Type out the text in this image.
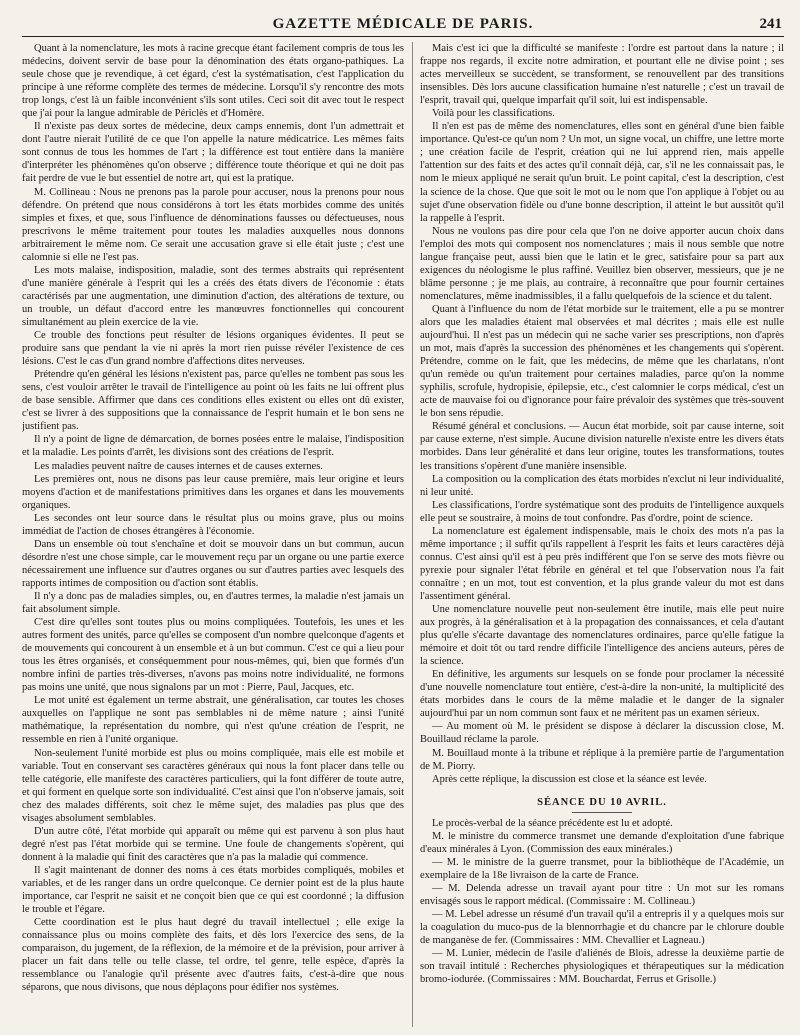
GAZETTE MÉDICALE DE PARIS.	241

Quant à la nomenclature, les mots à racine grecque étant facilement compris de tous les médecins, doivent servir de base pour la dénomination des états organo-pathiques. La seule chose que je revendique, à cet égard, c'est la systématisation, c'est l'application du principe à une réforme complète des termes de médecine. Lorsqu'il s'y rencontre des mots trop longs, c'est là un faible inconvénient s'ils sont utiles. Ceci soit dit avec tout le respect que j'ai pour la langue admirable de Périclès et d'Homère.

Il n'existe pas deux sortes de médecine, deux camps ennemis, dont l'un admettrait et dont l'autre nierait l'utilité de ce que l'on appelle la nature médicatrice. Les mêmes faits sont connus de tous les hommes de l'art ; la différence est tout entière dans la manière d'interpréter les phénomènes qu'on observe ; différence toute théorique et qui ne doit pas fait perdre de vue le but essentiel de notre art, qui est la pratique.

M. Collineau : Nous ne prenons pas la parole pour accuser, nous la prenons pour nous défendre. On prétend que nous considérons à tort les états morbides comme des unités simples et fixes, et que, sous l'influence de dénominations fausses ou défectueuses, nous prescrivons le même traitement pour toutes les maladies auxquelles nous donnons arbitrairement le même nom. Ce serait une accusation grave si elle était juste ; c'est une calomnie si elle ne l'est pas.

Les mots malaise, indisposition, maladie, sont des termes abstraits qui représentent d'une manière générale à l'esprit qui les a créés des états divers de l'économie : états caractérisés par une augmentation, une diminution d'action, des altérations de texture, ou un trouble, un défaut d'accord entre les manœuvres fonctionnelles qui concourent simultanément au plein exercice de la vie.

Ce trouble des fonctions peut résulter de lésions organiques évidentes. Il peut se produire sans que pendant la vie ni après la mort rien puisse révéler l'existence de ces lésions. C'est le cas d'un grand nombre d'affections dites nerveuses.

Prétendre qu'en général les lésions n'existent pas, parce qu'elles ne tombent pas sous les sens, c'est vouloir arrêter le travail de l'intelligence au point où les faits ne lui offrent plus de base sensible. Affirmer que dans ces conditions elles existent ou elles ont dû exister, c'est se livrer à des suppositions que la connaissance de l'esprit humain et le bon sens ne justifient pas.

Il n'y a point de ligne de démarcation, de bornes posées entre le malaise, l'indisposition et la maladie. Les points d'arrêt, les divisions sont des créations de l'esprit.

Les maladies peuvent naître de causes internes et de causes externes.

Les premières ont, nous ne disons pas leur cause première, mais leur origine et leurs moyens d'action et de manifestations primitives dans les organes et dans les mouvements organiques.

Les secondes ont leur source dans le résultat plus ou moins grave, plus ou moins immédiat de l'action de choses étrangères à l'économie.

Dans un ensemble où tout s'enchaîne et doit se mouvoir dans un but commun, aucun désordre n'est une chose simple, car le mouvement reçu par un organe ou une partie exerce nécessairement une influence sur d'autres organes ou sur d'autres parties avec lesquels des rapports intimes de composition ou d'action sont établis.

Il n'y a donc pas de maladies simples, ou, en d'autres termes, la maladie n'est jamais un fait absolument simple.

C'est dire qu'elles sont toutes plus ou moins compliquées. Toutefois, les unes et les autres forment des unités, parce qu'elles se composent d'un nombre quelconque d'agents et de mouvements qui concourent à un ensemble et à un but commun. C'est ce qui a lieu pour tous les êtres organisés, et conséquemment pour nous-mêmes, qui, bien que formés d'un nombre infini de parties très-diverses, n'avons pas moins notre individualité, ne formons pas moins une unité, que nous signalons par un mot : Pierre, Paul, Jacques, etc.

Le mot unité est également un terme abstrait, une généralisation, car toutes les choses auxquelles on l'applique ne sont pas semblables ni de même nature ; ainsi l'unité mathématique, la représentation du nombre, qui n'est qu'une création de l'esprit, ne ressemble en rien à l'unité organique.

Non-seulement l'unité morbide est plus ou moins compliquée, mais elle est mobile et variable. Tout en conservant ses caractères généraux qui nous la font placer dans telle ou telle catégorie, elle manifeste des caractères particuliers, qui la font différer de toute autre, et qui forment en quelque sorte son individualité. C'est ainsi que l'on n'observe jamais, soit chez des malades différents, soit chez le même sujet, des maladies pas plus que des visages absolument semblables.

D'un autre côté, l'état morbide qui apparaît ou même qui est parvenu à son plus haut degré n'est pas l'état morbide qui se termine. Une foule de changements s'opèrent, qui donnent à la maladie qui finit des caractères que n'a pas la maladie qui commence.

Il s'agit maintenant de donner des noms à ces états morbides compliqués, mobiles et variables, et de les ranger dans un ordre quelconque. Ce dernier point est de la plus haute importance, car l'esprit ne saisit et ne conçoit bien que ce qui est coordonné ; la diffusion le trouble et l'égare.

Cette coordination est le plus haut degré du travail intellectuel ; elle exige la connaissance plus ou moins complète des faits, et dès lors l'exercice des sens, de la comparaison, du jugement, de la réflexion, de la mémoire et de la prévision, pour arriver à placer un fait dans telle ou telle classe, tel ordre, tel genre, telle espèce, d'après la ressemblance ou l'analogie qu'il présente avec d'autres faits, c'est-à-dire que nous séparons, que nous divisons, que nous déplaçons pour édifier nos systèmes.

Mais c'est ici que la difficulté se manifeste : l'ordre est partout dans la nature ; il frappe nos regards, il excite notre admiration, et pourtant elle ne divise point ; ses actes merveilleux se succèdent, se transforment, se renouvellent par des transitions insensibles. Dès lors aucune classification humaine n'est naturelle ; c'est un travail de l'esprit, travail qui, quelque imparfait qu'il soit, lui est indispensable.

Voilà pour les classifications.

Il n'en est pas de même des nomenclatures, elles sont en général d'une bien faible importance. Qu'est-ce qu'un nom ? Un mot, un signe vocal, un chiffre, une lettre morte ; une création facile de l'esprit, création qui ne lui apprend rien, mais appelle l'attention sur des faits et des actes qu'il connaît déjà, car, s'il ne les connaissait pas, le nom le mieux appliqué ne serait qu'un bruit. Le point capital, c'est la description, c'est la science de la chose. Que que soit le mot ou le nom que l'on applique à l'objet ou au sujet d'une observation fidèle ou d'une bonne description, il atteint le but aussitôt qu'il la rappelle à l'esprit.

Nous ne voulons pas dire pour cela que l'on ne doive apporter aucun choix dans l'emploi des mots qui composent nos nomenclatures ; mais il nous semble que notre langue française peut, aussi bien que le latin et le grec, satisfaire pour sa part aux exigences du néologisme le plus raffiné. Veuillez bien observer, messieurs, que je ne blâme personne ; je me plais, au contraire, à reconnaître que pour fournir certaines nomenclatures, même inadmissibles, il a fallu quelquefois de la science et du talent.

Quant à l'influence du nom de l'état morbide sur le traitement, elle a pu se montrer alors que les maladies étaient mal observées et mal décrites ; mais elle est nulle aujourd'hui. Il n'est pas un médecin qui ne sache varier ses prescriptions, non d'après un mot, mais d'après la succession des phénomènes et les changements qui s'opèrent. Prétendre, comme on le fait, que les médecins, de même que les charlatans, n'ont qu'un remède ou qu'un traitement pour certaines maladies, parce qu'on la nomme syphilis, scrofule, hydropisie, épilepsie, etc., c'est calomnier le corps médical, c'est un acte de mauvaise foi ou d'ignorance pour faire prévaloir des systèmes que très-souvent le bon sens répudie.

Résumé général et conclusions. — Aucun état morbide, soit par cause interne, soit par cause externe, n'est simple. Aucune division naturelle n'existe entre les divers états morbides. Dans leur généralité et dans leur origine, toutes les transformations, toutes les transitions s'opèrent d'une manière insensible.

La composition ou la complication des états morbides n'exclut ni leur individualité, ni leur unité.

Les classifications, l'ordre systématique sont des produits de l'intelligence auxquels elle peut se soustraire, à moins de tout confondre. Pas d'ordre, point de science.

La nomenclature est également indispensable, mais le choix des mots n'a pas la même importance ; il suffit qu'ils rappellent à l'esprit les faits et leurs caractères déjà connus. C'est ainsi qu'il est à peu près indifférent que l'on se serve des mots fièvre ou pyrexie pour signaler l'état fébrile en général et tel que l'observation nous l'a fait connaître ; en un mot, tout est convention, et la plus grande valeur du mot est dans l'assentiment général.

Une nomenclature nouvelle peut non-seulement être inutile, mais elle peut nuire aux progrès, à la généralisation et à la propagation des connaissances, et cela d'autant plus qu'elle s'écarte davantage des nomenclatures ordinaires, parce qu'elle fatigue la mémoire et doit tôt ou tard rendre difficile l'intelligence des anciens auteurs, pères de la science.

En définitive, les arguments sur lesquels on se fonde pour proclamer la nécessité d'une nouvelle nomenclature tout entière, c'est-à-dire la non-unité, la multiplicité des états morbides dans le cours de la même maladie et le danger de la signaler aujourd'hui par un nom commun sont faux et ne méritent pas un examen sérieux.

— Au moment où M. le président se dispose à déclarer la discussion close, M. Bouillaud réclame la parole.

M. Bouillaud monte à la tribune et réplique à la première partie de l'argumentation de M. Piorry.

Après cette réplique, la discussion est close et la séance est levée.

SÉANCE DU 10 AVRIL.

Le procès-verbal de la séance précédente est lu et adopté.

M. le ministre du commerce transmet une demande d'exploitation d'une fabrique d'eaux minérales à Lyon. (Commission des eaux minérales.)

— M. le ministre de la guerre transmet, pour la bibliothèque de l'Académie, un exemplaire de la 18e livraison de la carte de France.

— M. Delenda adresse un travail ayant pour titre : Un mot sur les romans envisagés sous le rapport médical. (Commissaire : M. Collineau.)

— M. Lebel adresse un résumé d'un travail qu'il a entrepris il y a quelques mois sur la coagulation du muco-pus de la blennorrhagie et du chancre par le chlorure double de manganèse de fer. (Commissaires : MM. Chevallier et Lagneau.)

— M. Lunier, médecin de l'asile d'aliénés de Blois, adresse la deuxième partie de son travail intitulé : Recherches physiologiques et thérapeutiques sur la médication bromo-iodurée. (Commissaires : MM. Bouchardat, Ferrus et Grisolle.)
